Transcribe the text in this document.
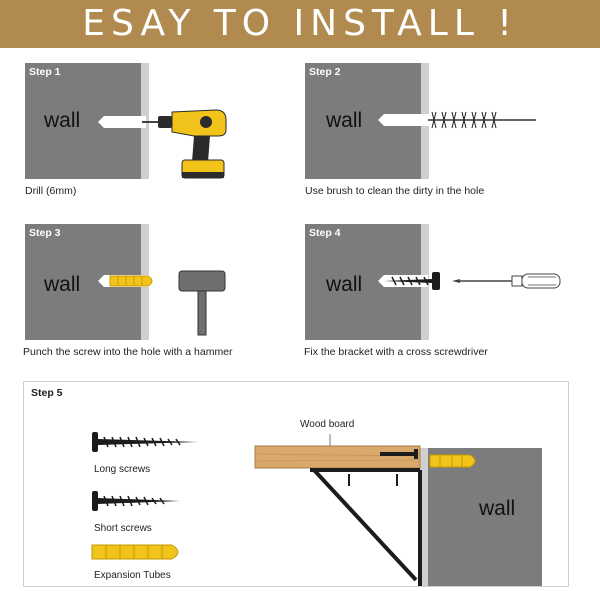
ESAY TO INSTALL !
Step 1
wall
Drill (6mm)
Step 2
wall
Use brush to clean the dirty in the hole
Step 3
wall
Punch the screw into the hole with a hammer
Step 4
wall
Fix the bracket with a cross screwdriver
Step 5
Long screws
Short screws
Expansion Tubes
Wood board
wall
